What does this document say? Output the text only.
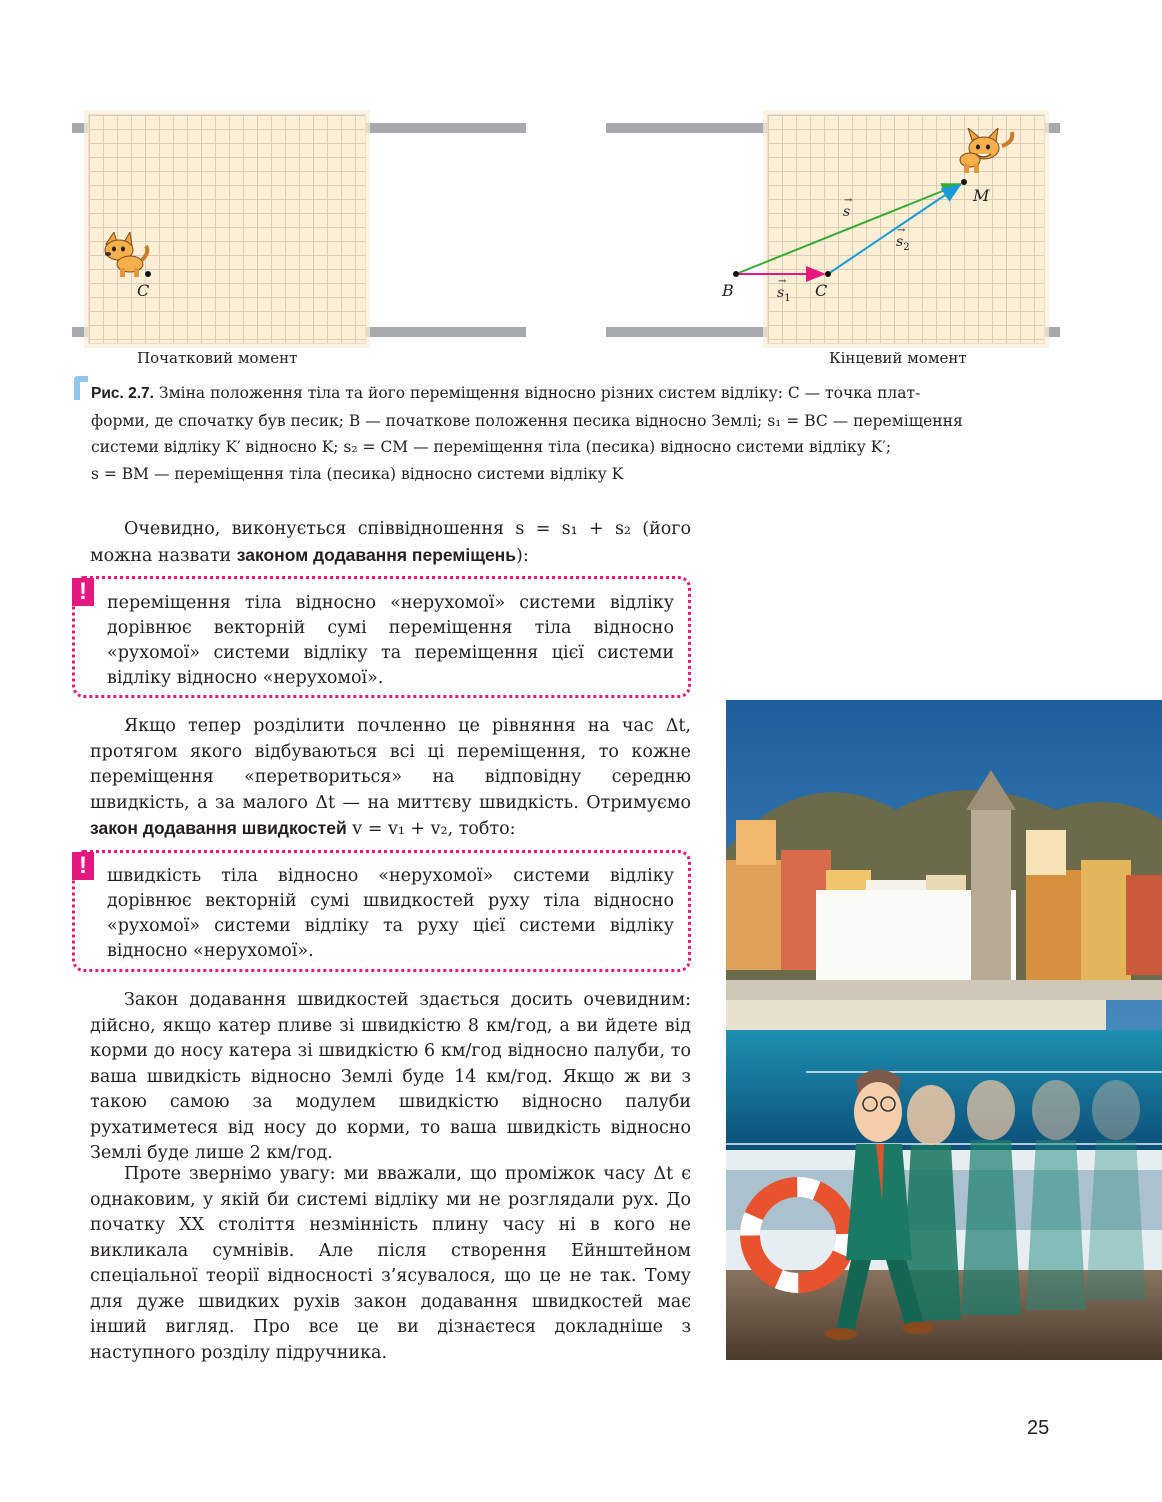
C	B	C
M
→
s
→
$s_2$
→
$s_1$
Початковий момент	Кінцевий момент
Рис. 2.7. Зміна положення тіла та його переміщення відносно різних систем відліку: C — точка плат-
форми, де спочатку був песик; B — початкове положення песика відносно Землі; s₁ = BC — переміщення
системи відліку K′ відносно K; s₂ = CM — переміщення тіла (песика) відносно системи відліку K′;
s = BM — переміщення тіла (песика) відносно системи відліку K

Очевидно, виконується співвідношення s = s₁ + s₂ (його можна назвати законом додавання переміщень):

!	переміщення тіла відносно «нерухомої» системи відліку дорівнює векторній сумі переміщення тіла відносно «рухомої» системи відліку та переміщення цієї системи відліку відносно «нерухомої».

Якщо тепер розділити почленно це рівняння на час Δt, протягом якого відбуваються всі ці переміщення, то кожне переміщення «перетвориться» на відповідну середню швидкість, а за малого Δt — на миттєву швидкість. Отримуємо закон додавання швидкостей v = v₁ + v₂, тобто:

!	швидкість тіла відносно «нерухомої» системи відліку дорівнює векторній сумі швидкостей руху тіла відносно «рухомої» системи відліку та руху цієї системи відліку відносно «нерухомої».

Закон додавання швидкостей здається досить очевидним: дійсно, якщо катер пливе зі швидкістю 8 км/год, а ви йдете від корми до носу катера зі швидкістю 6 км/год відносно палуби, то ваша швидкість відносно Землі буде 14 км/год. Якщо ж ви з такою самою за модулем швидкістю відносно палуби рухатиметеся від носу до корми, то ваша швидкість відносно Землі буде лише 2 км/год.

Проте звернімо увагу: ми вважали, що проміжок часу Δt є однаковим, у якій би системі відліку ми не розглядали рух. До початку XX століття незмінність плину часу ні в кого не викликала сумнівів. Але після створення Ейнштейном спеціальної теорії відносності з’ясувалося, що це не так. Тому для дуже швидких рухів закон додавання швидкостей має інший вигляд. Про все це ви дізнаєтеся докладніше з наступного розділу підручника.

25
